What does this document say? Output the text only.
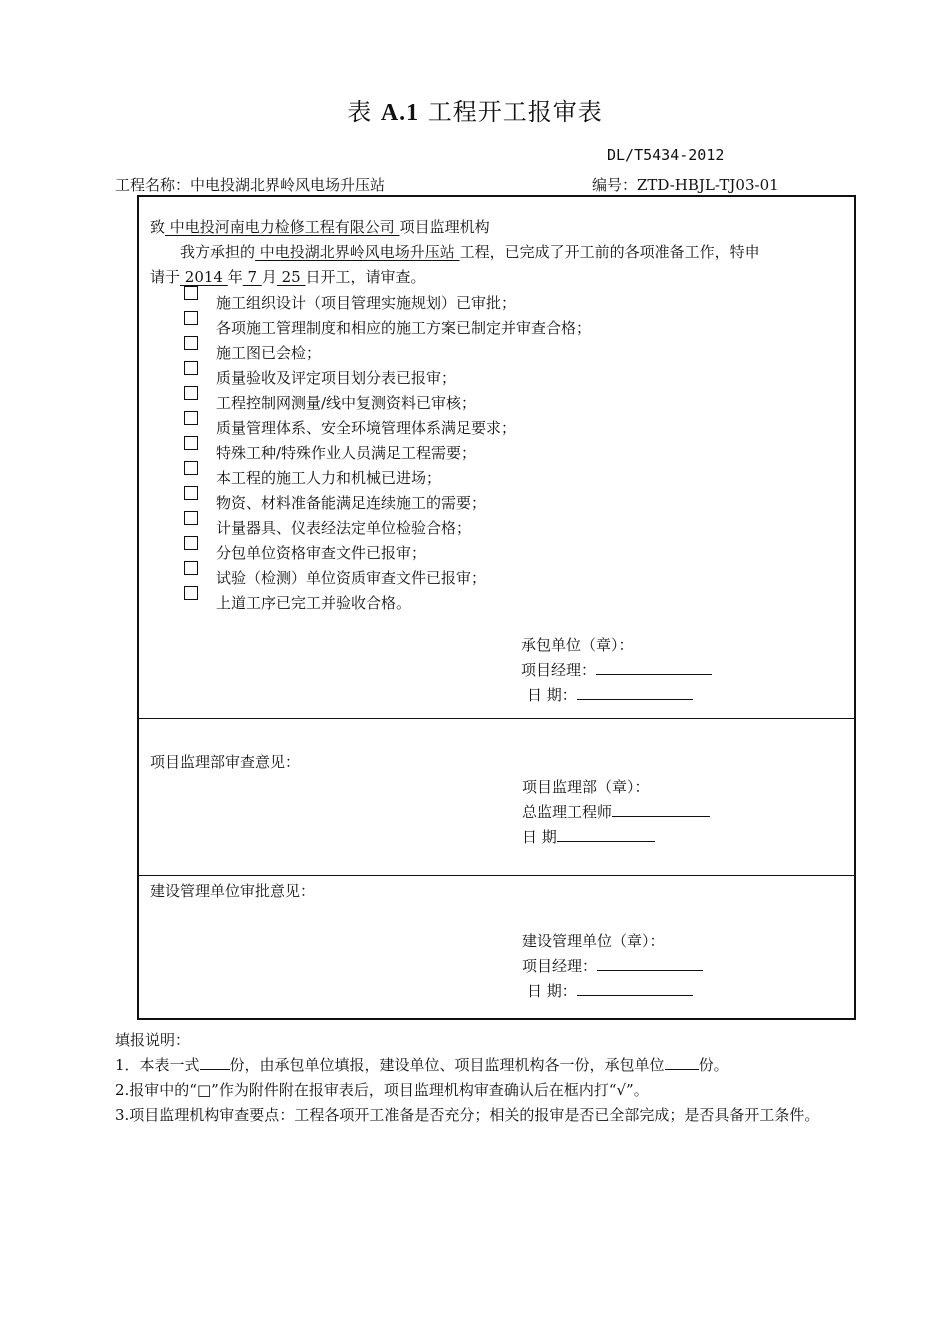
表 A.1 工程开工报审表
DL/T5434-2012
工程名称：中电投湖北界岭风电场升压站	编号：ZTD-HBJL-TJ03-01
致 中电投河南电力检修工程有限公司 项目监理机构
我方承担的 中电投湖北界岭风电场升压站 工程，已完成了开工前的各项准备工作，特申
请于 2014 年 7 月 25 日开工，请审查。
施工组织设计（项目管理实施规划）已审批；
各项施工管理制度和相应的施工方案已制定并审查合格；
施工图已会检；
质量验收及评定项目划分表已报审；
工程控制网测量/线中复测资料已审核；
质量管理体系、安全环境管理体系满足要求；
特殊工种/特殊作业人员满足工程需要；
本工程的施工人力和机械已进场；
物资、材料准备能满足连续施工的需要；
计量器具、仪表经法定单位检验合格；
分包单位资格审查文件已报审；
试验（检测）单位资质审查文件已报审；
上道工序已完工并验收合格。
承包单位（章）：
项目经理：
日 期：
项目监理部审查意见：
项目监理部（章）：
总监理工程师
日 期
建设管理单位审批意见：
建设管理单位（章）：
项目经理：
日 期：
填报说明：
1．本表一式 份，由承包单位填报，建设单位、项目监理机构各一份，承包单位 份。
2.报审中的“□”作为附件附在报审表后，项目监理机构审查确认后在框内打“√”。
3.项目监理机构审查要点：工程各项开工准备是否充分；相关的报审是否已全部完成；是否具备开工条件。
